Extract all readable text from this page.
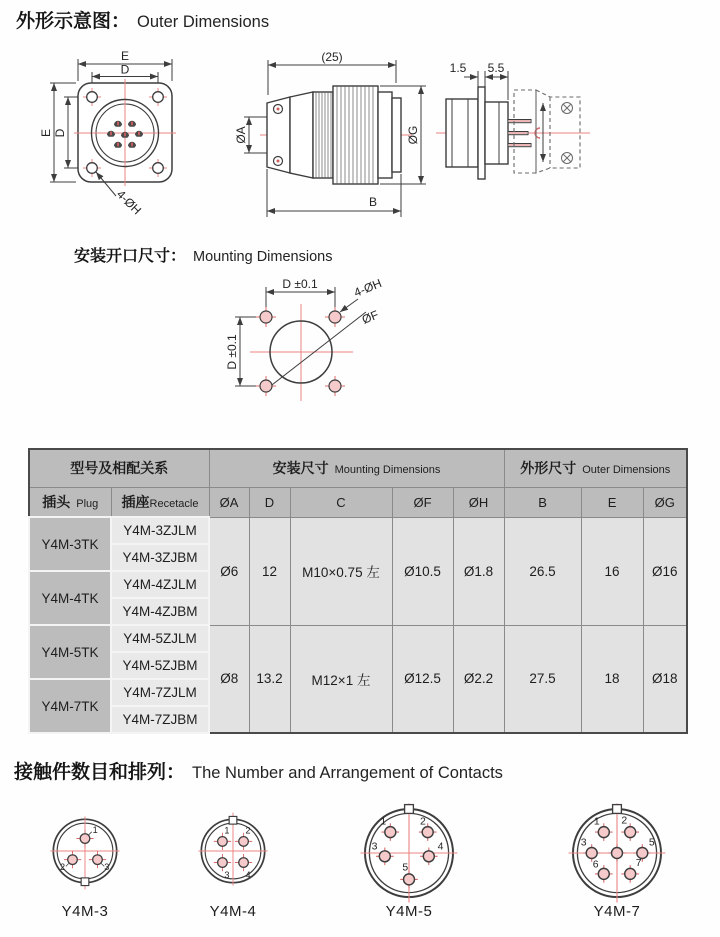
外形示意图： Outer Dimensions
E
D
E D
4-ØH
(25)
ØA	ØG
B
1.5 5.5
安装开口尺寸： Mounting Dimensions
D ±0.1
D ±0.1
ØF
4-ØH
型号及相配关系		安装尺寸 Mounting Dimensions					外形尺寸 Outer Dimensions		
插头 Plug	插座Recetacle	ØA	D	C	ØF	ØH	B	E	ØG
Y4M-3TK	Y4M-3ZJLM	Ø6	12	M10×0.75 左	Ø10.5	Ø1.8	26.5	16	Ø16
	Y4M-3ZJBM								
Y4M-4TK	Y4M-4ZJLM								
	Y4M-4ZJBM								
Y4M-5TK	Y4M-5ZJLM	Ø8	13.2	M12×1 左	Ø12.5	Ø2.2	27.5	18	Ø18
	Y4M-5ZJBM								
Y4M-7TK	Y4M-7ZJLM								
	Y4M-7ZJBM								
接触件数目和排列： The Number and Arrangement of Contacts
1
2	3
Y4M-3
1 2
3 4
Y4M-4
1	2
3	4
5
Y4M-5
1 2
3	5
6	7
Y4M-7
